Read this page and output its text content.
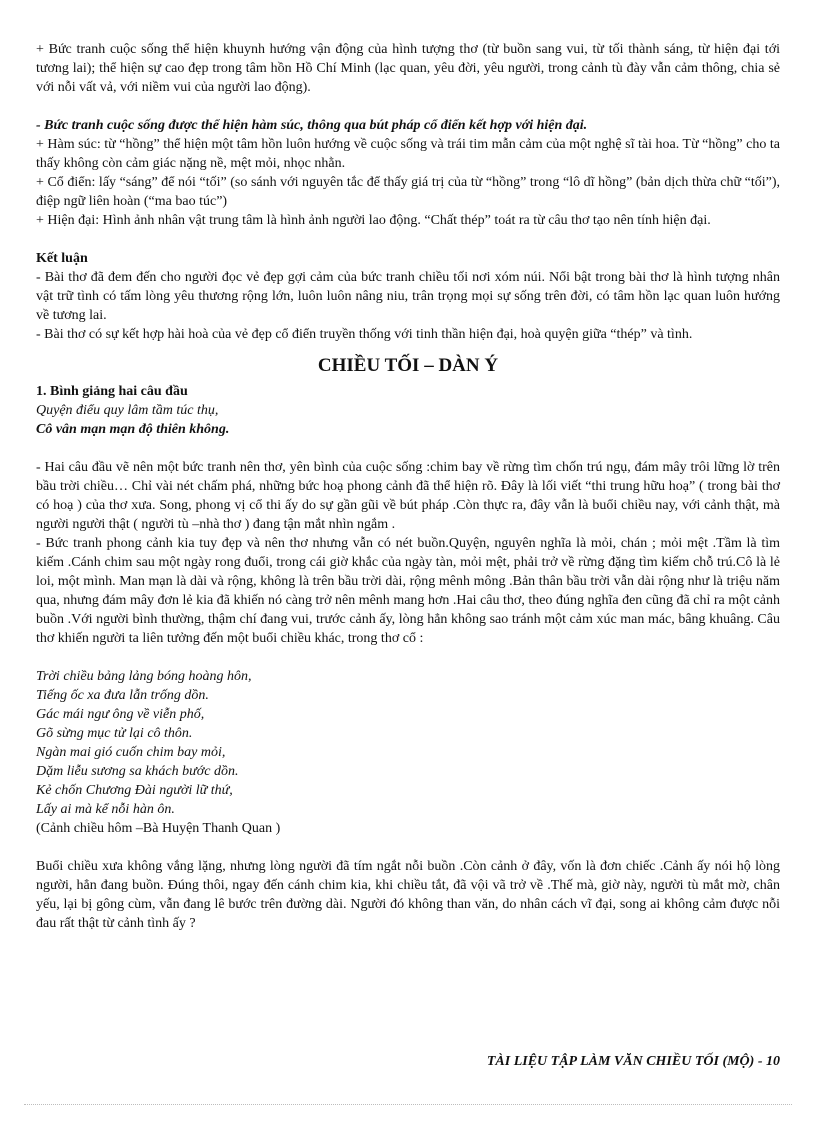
+ Bức tranh cuộc sống thể hiện khuynh hướng vận động của hình tượng thơ (từ buồn sang vui, từ tối thành sáng, từ hiện đại tới tương lai); thể hiện sự cao đẹp trong tâm hồn Hồ Chí Minh (lạc quan, yêu đời, yêu người, trong cảnh tù đày vẫn cảm thông, chia sẻ với nỗi vất vả, với niềm vui của người lao động).

- Bức tranh cuộc sống được thể hiện hàm súc, thông qua bút pháp cổ điển kết hợp với hiện đại.

+ Hàm súc: từ “hồng” thể hiện một tâm hồn luôn hướng về cuộc sống và trái tim mẫn cảm của một nghệ sĩ tài hoa. Từ “hồng” cho ta thấy không còn cảm giác nặng nề, mệt mỏi, nhọc nhằn.

+ Cổ điển: lấy “sáng” để nói “tối” (so sánh với nguyên tắc để thấy giá trị của từ “hồng” trong “lô dĩ hồng” (bản dịch thừa chữ “tối”), điệp ngữ liên hoàn (“ma bao túc”)

+ Hiện đại: Hình ảnh nhân vật trung tâm là hình ảnh người lao động. “Chất thép” toát ra từ câu thơ tạo nên tính hiện đại.

Kết luận

- Bài thơ đã đem đến cho người đọc vẻ đẹp gợi cảm của bức tranh chiều tối nơi xóm núi. Nổi bật trong bài thơ là hình tượng nhân vật trữ tình có tấm lòng yêu thương rộng lớn, luôn luôn nâng niu, trân trọng mọi sự sống trên đời, có tâm hồn lạc quan luôn hướng về tương lai.

- Bài thơ có sự kết hợp hài hoà của vẻ đẹp cổ điển truyền thống với tinh thần hiện đại, hoà quyện giữa “thép” và tình.

CHIỀU TỐI – DÀN Ý

1. Bình giảng hai câu đầu

Quyện điểu quy lâm tầm túc thụ,

Cô vân mạn mạn độ thiên không.

- Hai câu đầu vẽ nên một bức tranh nên thơ, yên bình của cuộc sống :chim bay về rừng tìm chốn trú ngụ, đám mây trôi lững lờ trên bầu trời chiều… Chỉ vài nét chấm phá, những bức hoạ phong cảnh đã thể hiện rõ. Đây là lối viết “thi trung hữu hoạ” ( trong bài thơ có hoạ ) của thơ xưa. Song, phong vị cổ thi ấy do sự gần gũi về bút pháp .Còn thực ra, đây vẫn là buổi chiều nay, với cảnh thật, mà người người thật ( người tù –nhà thơ ) đang tận mắt nhìn ngắm .

- Bức tranh phong cảnh kia tuy đẹp và nên thơ nhưng vẫn có nét buồn.Quyện, nguyên nghĩa là mỏi, chán ; mỏi mệt .Tầm là tìm kiếm .Cánh chim sau một ngày rong đuổi, trong cái giờ khắc của ngày tàn, mỏi mệt, phải trở về rừng đặng tìm kiếm chỗ trú.Cô là lẻ loi, một mình. Man mạn là dài và rộng, không là trên bầu trời dài, rộng mênh mông .Bản thân bầu trời vẫn dài rộng như là triệu năm qua, nhưng đám mây đơn lẻ kia đã khiến nó càng trở nên mênh mang hơn .Hai câu thơ, theo đúng nghĩa đen cũng đã chỉ ra một cảnh buồn .Với người bình thường, thậm chí đang vui, trước cảnh ấy, lòng hẳn không sao tránh một cảm xúc man mác, bâng khuâng. Câu thơ khiến người ta liên tưởng đến một buổi chiều khác, trong thơ cổ :

Trời chiều bảng lảng bóng hoàng hôn,

Tiếng ốc xa đưa lẫn trống dồn.

Gác mái ngư ông về viễn phố,

Gõ sừng mục tử lại cô thôn.

Ngàn mai gió cuốn chim bay mỏi,

Dặm liễu sương sa khách bước dồn.

Kẻ chốn Chương Đài người lữ thứ,

Lấy ai mà kể nỗi hàn ôn.

(Cảnh chiều hôm –Bà Huyện Thanh Quan )

Buổi chiều xưa không vắng lặng, nhưng lòng người đã tím ngắt nỗi buồn .Còn cảnh ở đây, vốn là đơn chiếc .Cảnh ấy nói hộ lòng người, hẳn đang buồn. Đúng thôi, ngay đến cánh chim kia, khi chiều tắt, đã vội vã trở về .Thế mà, giờ này, người tù mắt mờ, chân yếu, lại bị gông cùm, vẫn đang lê bước trên đường dài. Người đó không than văn, do nhân cách vĩ đại, song ai không cảm được nỗi đau rất thật từ cảnh tình ấy ?

TÀI LIỆU TẬP LÀM VĂN CHIỀU TỐI (MỘ) - 10
